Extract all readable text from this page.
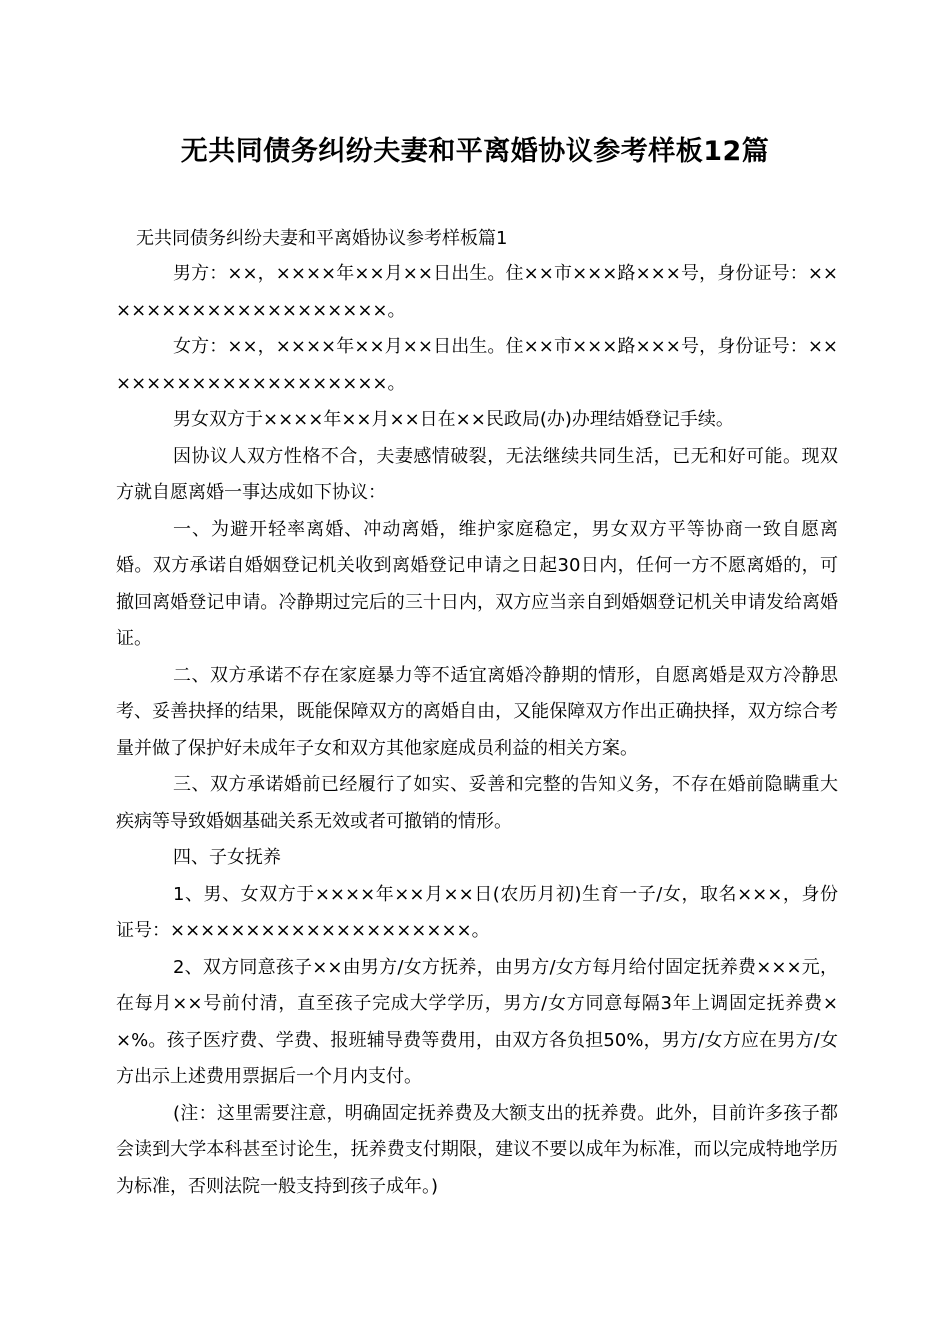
无共同债务纠纷夫妻和平离婚协议参考样板12篇

无共同债务纠纷夫妻和平离婚协议参考样板篇1

男方：××，××××年××月××日出生。住××市×××路×××号，身份证号：××××××××××××××××××××。

女方：××，××××年××月××日出生。住××市×××路×××号，身份证号：××××××××××××××××××××。

男女双方于××××年××月××日在××民政局(办)办理结婚登记手续。

因协议人双方性格不合，夫妻感情破裂，无法继续共同生活，已无和好可能。现双方就自愿离婚一事达成如下协议：

一、为避开轻率离婚、冲动离婚，维护家庭稳定，男女双方平等协商一致自愿离婚。双方承诺自婚姻登记机关收到离婚登记申请之日起30日内，任何一方不愿离婚的，可撤回离婚登记申请。冷静期过完后的三十日内，双方应当亲自到婚姻登记机关申请发给离婚证。

二、双方承诺不存在家庭暴力等不适宜离婚冷静期的情形，自愿离婚是双方冷静思考、妥善抉择的结果，既能保障双方的离婚自由，又能保障双方作出正确抉择，双方综合考量并做了保护好未成年子女和双方其他家庭成员利益的相关方案。

三、双方承诺婚前已经履行了如实、妥善和完整的告知义务，不存在婚前隐瞒重大疾病等导致婚姻基础关系无效或者可撤销的情形。

四、子女抚养

1、男、女双方于××××年××月××日(农历月初)生育一子/女，取名×××，身份证号：××××××××××××××××××××。

2、双方同意孩子××由男方/女方抚养，由男方/女方每月给付固定抚养费×××元，在每月××号前付清，直至孩子完成大学学历，男方/女方同意每隔3年上调固定抚养费××%。孩子医疗费、学费、报班辅导费等费用，由双方各负担50%，男方/女方应在男方/女方出示上述费用票据后一个月内支付。

(注：这里需要注意，明确固定抚养费及大额支出的抚养费。此外，目前许多孩子都会读到大学本科甚至讨论生，抚养费支付期限，建议不要以成年为标准，而以完成特地学历为标准，否则法院一般支持到孩子成年。)
